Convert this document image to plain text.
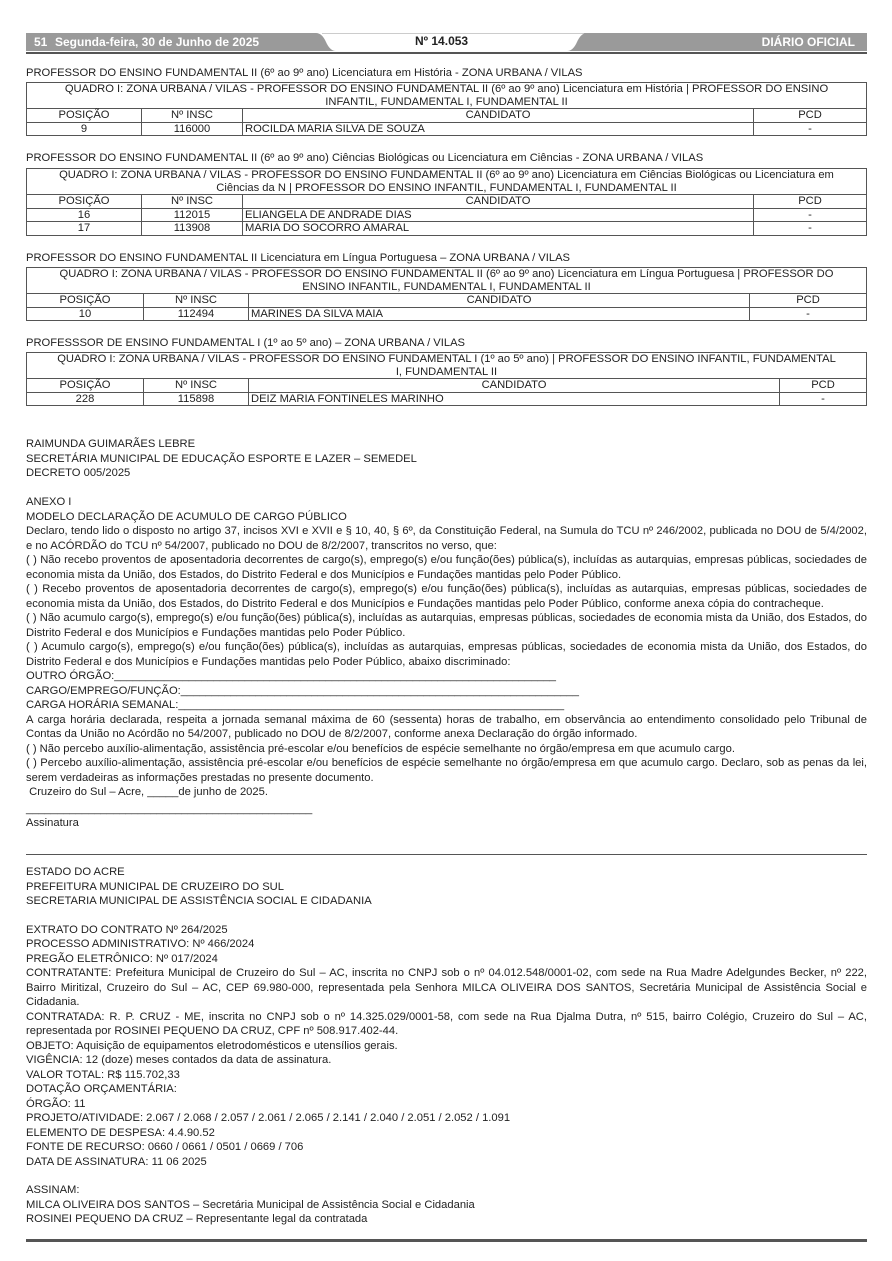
51 Segunda-feira, 30 de Junho de 2025	Nº 14.053	DIÁRIO OFICIAL
PROFESSOR DO ENSINO FUNDAMENTAL II (6º ao 9º ano) Licenciatura em História - ZONA URBANA / VILAS
QUADRO I: ZONA URBANA / VILAS - PROFESSOR DO ENSINO FUNDAMENTAL II (6º ao 9º ano) Licenciatura em História | PROFESSOR DO ENSINO
INFANTIL, FUNDAMENTAL I, FUNDAMENTAL II			

POSIÇÃO	Nº INSC	CANDIDATO	PCD
9	116000	ROCILDA MARIA SILVA DE SOUZA	-
PROFESSOR DO ENSINO FUNDAMENTAL II (6º ao 9º ano) Ciências Biológicas ou Licenciatura em Ciências - ZONA URBANA / VILAS
QUADRO I: ZONA URBANA / VILAS - PROFESSOR DO ENSINO FUNDAMENTAL II (6º ao 9º ano) Licenciatura em Ciências Biológicas ou Licenciatura em
Ciências da N | PROFESSOR DO ENSINO INFANTIL, FUNDAMENTAL I, FUNDAMENTAL II			

POSIÇÃO	Nº INSC	CANDIDATO	PCD
16	112015	ELIANGELA DE ANDRADE DIAS	-
17	113908	MARIA DO SOCORRO AMARAL	-
PROFESSOR DO ENSINO FUNDAMENTAL II Licenciatura em Língua Portuguesa – ZONA URBANA / VILAS
QUADRO I: ZONA URBANA / VILAS - PROFESSOR DO ENSINO FUNDAMENTAL II (6º ao 9º ano) Licenciatura em Língua Portuguesa | PROFESSOR DO
ENSINO INFANTIL, FUNDAMENTAL I, FUNDAMENTAL II			

POSIÇÃO	Nº INSC	CANDIDATO	PCD
10	112494	MARINES DA SILVA MAIA	-
PROFESSSOR DE ENSINO FUNDAMENTAL I (1º ao 5º ano) – ZONA URBANA / VILAS
QUADRO I: ZONA URBANA / VILAS - PROFESSOR DO ENSINO FUNDAMENTAL I (1º ao 5º ano) | PROFESSOR DO ENSINO INFANTIL, FUNDAMENTAL
I, FUNDAMENTAL II			

POSIÇÃO	Nº INSC	CANDIDATO	PCD
228	115898	DEIZ MARIA FONTINELES MARINHO	-
RAIMUNDA GUIMARÃES LEBRE
SECRETÁRIA MUNICIPAL DE EDUCAÇÃO ESPORTE E LAZER – SEMEDEL
DECRETO 005/2025
ANEXO I
MODELO DECLARAÇÃO DE ACUMULO DE CARGO PÚBLICO

Declaro, tendo lido o disposto no artigo 37, incisos XVI e XVII e § 10, 40, § 6º, da Constituição Federal, na Sumula do TCU nº 246/2002, publicada no DOU de 5/4/2002, e no ACÓRDÃO do TCU nº 54/2007, publicado no DOU de 8/2/2007, transcritos no verso, que:

( ) Não recebo proventos de aposentadoria decorrentes de cargo(s), emprego(s) e/ou função(ões) pública(s), incluídas as autarquias, empresas públicas, sociedades de economia mista da União, dos Estados, do Distrito Federal e dos Municípios e Fundações mantidas pelo Poder Público.

( ) Recebo proventos de aposentadoria decorrentes de cargo(s), emprego(s) e/ou função(ões) pública(s), incluídas as autarquias, empresas públicas, sociedades de economia mista da União, dos Estados, do Distrito Federal e dos Municípios e Fundações mantidas pelo Poder Público, conforme anexa cópia do contracheque.

( ) Não acumulo cargo(s), emprego(s) e/ou função(ões) pública(s), incluídas as autarquias, empresas públicas, sociedades de economia mista da União, dos Estados, do Distrito Federal e dos Municípios e Fundações mantidas pelo Poder Público.

( ) Acumulo cargo(s), emprego(s) e/ou função(ões) pública(s), incluídas as autarquias, empresas públicas, sociedades de economia mista da União, dos Estados, do Distrito Federal e dos Municípios e Fundações mantidas pelo Poder Público, abaixo discriminado:

OUTRO ÓRGÃO:_______________________________________________________________________
CARGO/EMPREGO/FUNÇÃO:________________________________________________________________
CARGA HORÁRIA SEMANAL:______________________________________________________________

A carga horária declarada, respeita a jornada semanal máxima de 60 (sessenta) horas de trabalho, em observância ao entendimento consolidado pelo Tribunal de Contas da União no Acórdão no 54/2007, publicado no DOU de 8/2/2007, conforme anexa Declaração do órgão informado.

( ) Não percebo auxílio-alimentação, assistência pré-escolar e/ou benefícios de espécie semelhante no órgão/empresa em que acumulo cargo.

( ) Percebo auxílio-alimentação, assistência pré-escolar e/ou benefícios de espécie semelhante no órgão/empresa em que acumulo cargo. Declaro, sob as penas da lei, serem verdadeiras as informações prestadas no presente documento.

Cruzeiro do Sul – Acre, _____de junho de 2025.
______________________________________________
Assinatura
ESTADO DO ACRE
PREFEITURA MUNICIPAL DE CRUZEIRO DO SUL
SECRETARIA MUNICIPAL DE ASSISTÊNCIA SOCIAL E CIDADANIA
EXTRATO DO CONTRATO Nº 264/2025
PROCESSO ADMINISTRATIVO: Nº 466/2024
PREGÃO ELETRÔNICO: Nº 017/2024

CONTRATANTE: Prefeitura Municipal de Cruzeiro do Sul – AC, inscrita no CNPJ sob o nº 04.012.548/0001-02, com sede na Rua Madre Adelgundes Becker, nº 222, Bairro Miritizal, Cruzeiro do Sul – AC, CEP 69.980-000, representada pela Senhora MILCA OLIVEIRA DOS SANTOS, Secretária Municipal de Assistência Social e Cidadania.

CONTRATADA: R. P. CRUZ - ME, inscrita no CNPJ sob o nº 14.325.029/0001-58, com sede na Rua Djalma Dutra, nº 515, bairro Colégio, Cruzeiro do Sul – AC, representada por ROSINEI PEQUENO DA CRUZ, CPF nº 508.917.402-44.

OBJETO: Aquisição de equipamentos eletrodomésticos e utensílios gerais.
VIGÊNCIA: 12 (doze) meses contados da data de assinatura.
VALOR TOTAL: R$ 115.702,33
DOTAÇÃO ORÇAMENTÁRIA:
ÓRGÃO: 11
PROJETO/ATIVIDADE: 2.067 / 2.068 / 2.057 / 2.061 / 2.065 / 2.141 / 2.040 / 2.051 / 2.052 / 1.091
ELEMENTO DE DESPESA: 4.4.90.52
FONTE DE RECURSO: 0660 / 0661 / 0501 / 0669 / 706
DATA DE ASSINATURA: 11 06 2025
ASSINAM:
MILCA OLIVEIRA DOS SANTOS – Secretária Municipal de Assistência Social e Cidadania
ROSINEI PEQUENO DA CRUZ – Representante legal da contratada
